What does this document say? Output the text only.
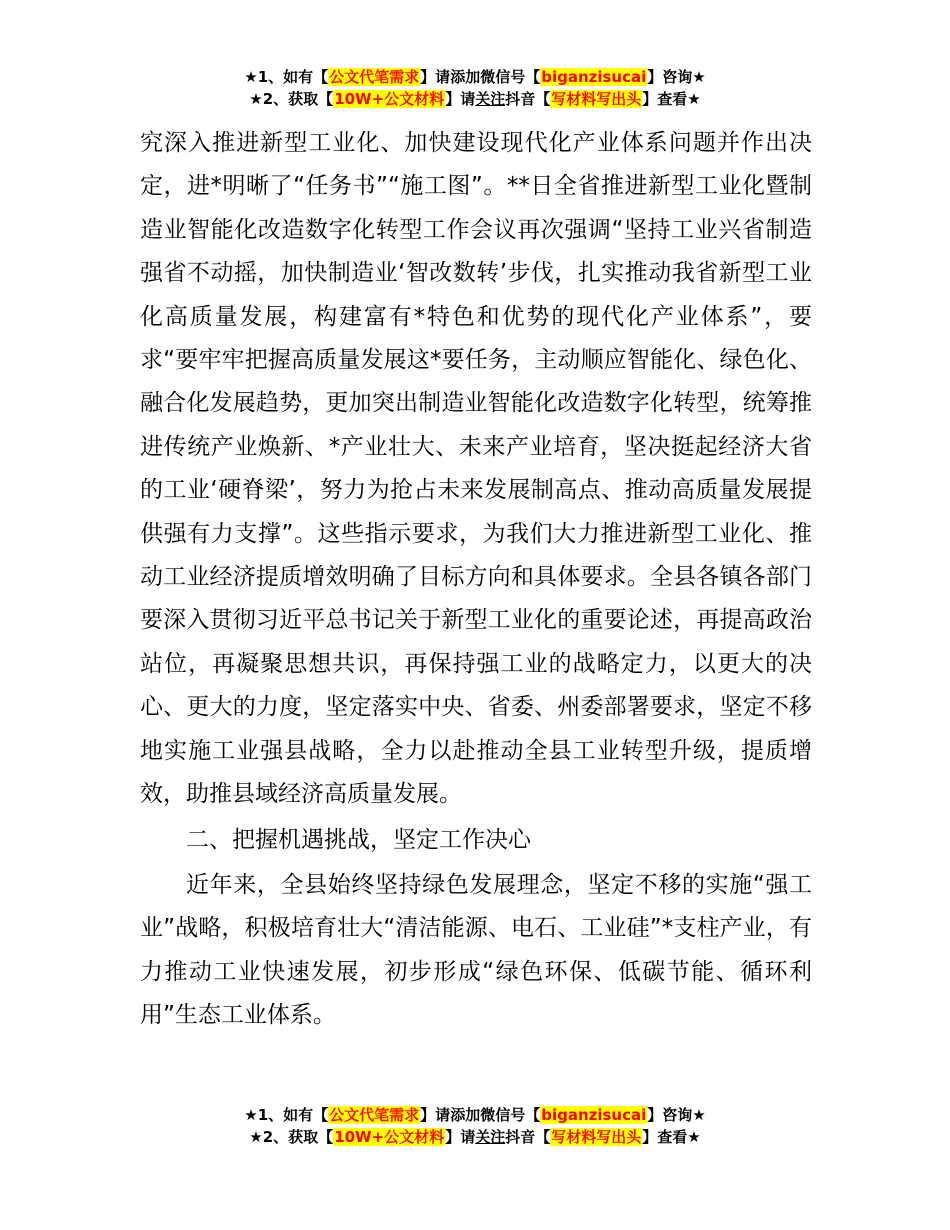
★1、如有【公文代笔需求】请添加微信号【biganzisucai】咨询★
★2、获取【10W+公文材料】请关注抖音【写材料写出头】查看★

究深入推进新型工业化、加快建设现代化产业体系问题并作出决定，进*明晰了“任务书”“施工图”。**日全省推进新型工业化暨制造业智能化改造数字化转型工作会议再次强调“坚持工业兴省制造强省不动摇，加快制造业‘智改数转’步伐，扎实推动我省新型工业化高质量发展，构建富有*特色和优势的现代化产业体系”，要求“要牢牢把握高质量发展这*要任务，主动顺应智能化、绿色化、融合化发展趋势，更加突出制造业智能化改造数字化转型，统筹推进传统产业焕新、*产业壮大、未来产业培育，坚决挺起经济大省的工业‘硬脊梁’，努力为抢占未来发展制高点、推动高质量发展提供强有力支撑”。这些指示要求，为我们大力推进新型工业化、推动工业经济提质增效明确了目标方向和具体要求。全县各镇各部门要深入贯彻习近平总书记关于新型工业化的重要论述，再提高政治站位，再凝聚思想共识，再保持强工业的战略定力，以更大的决心、更大的力度，坚定落实中央、省委、州委部署要求，坚定不移地实施工业强县战略，全力以赴推动全县工业转型升级，提质增效，助推县域经济高质量发展。

二、把握机遇挑战，坚定工作决心

近年来，全县始终坚持绿色发展理念，坚定不移的实施“强工业”战略，积极培育壮大“清洁能源、电石、工业硅”*支柱产业，有力推动工业快速发展，初步形成“绿色环保、低碳节能、循环利用”生态工业体系。

★1、如有【公文代笔需求】请添加微信号【biganzisucai】咨询★
★2、获取【10W+公文材料】请关注抖音【写材料写出头】查看★
